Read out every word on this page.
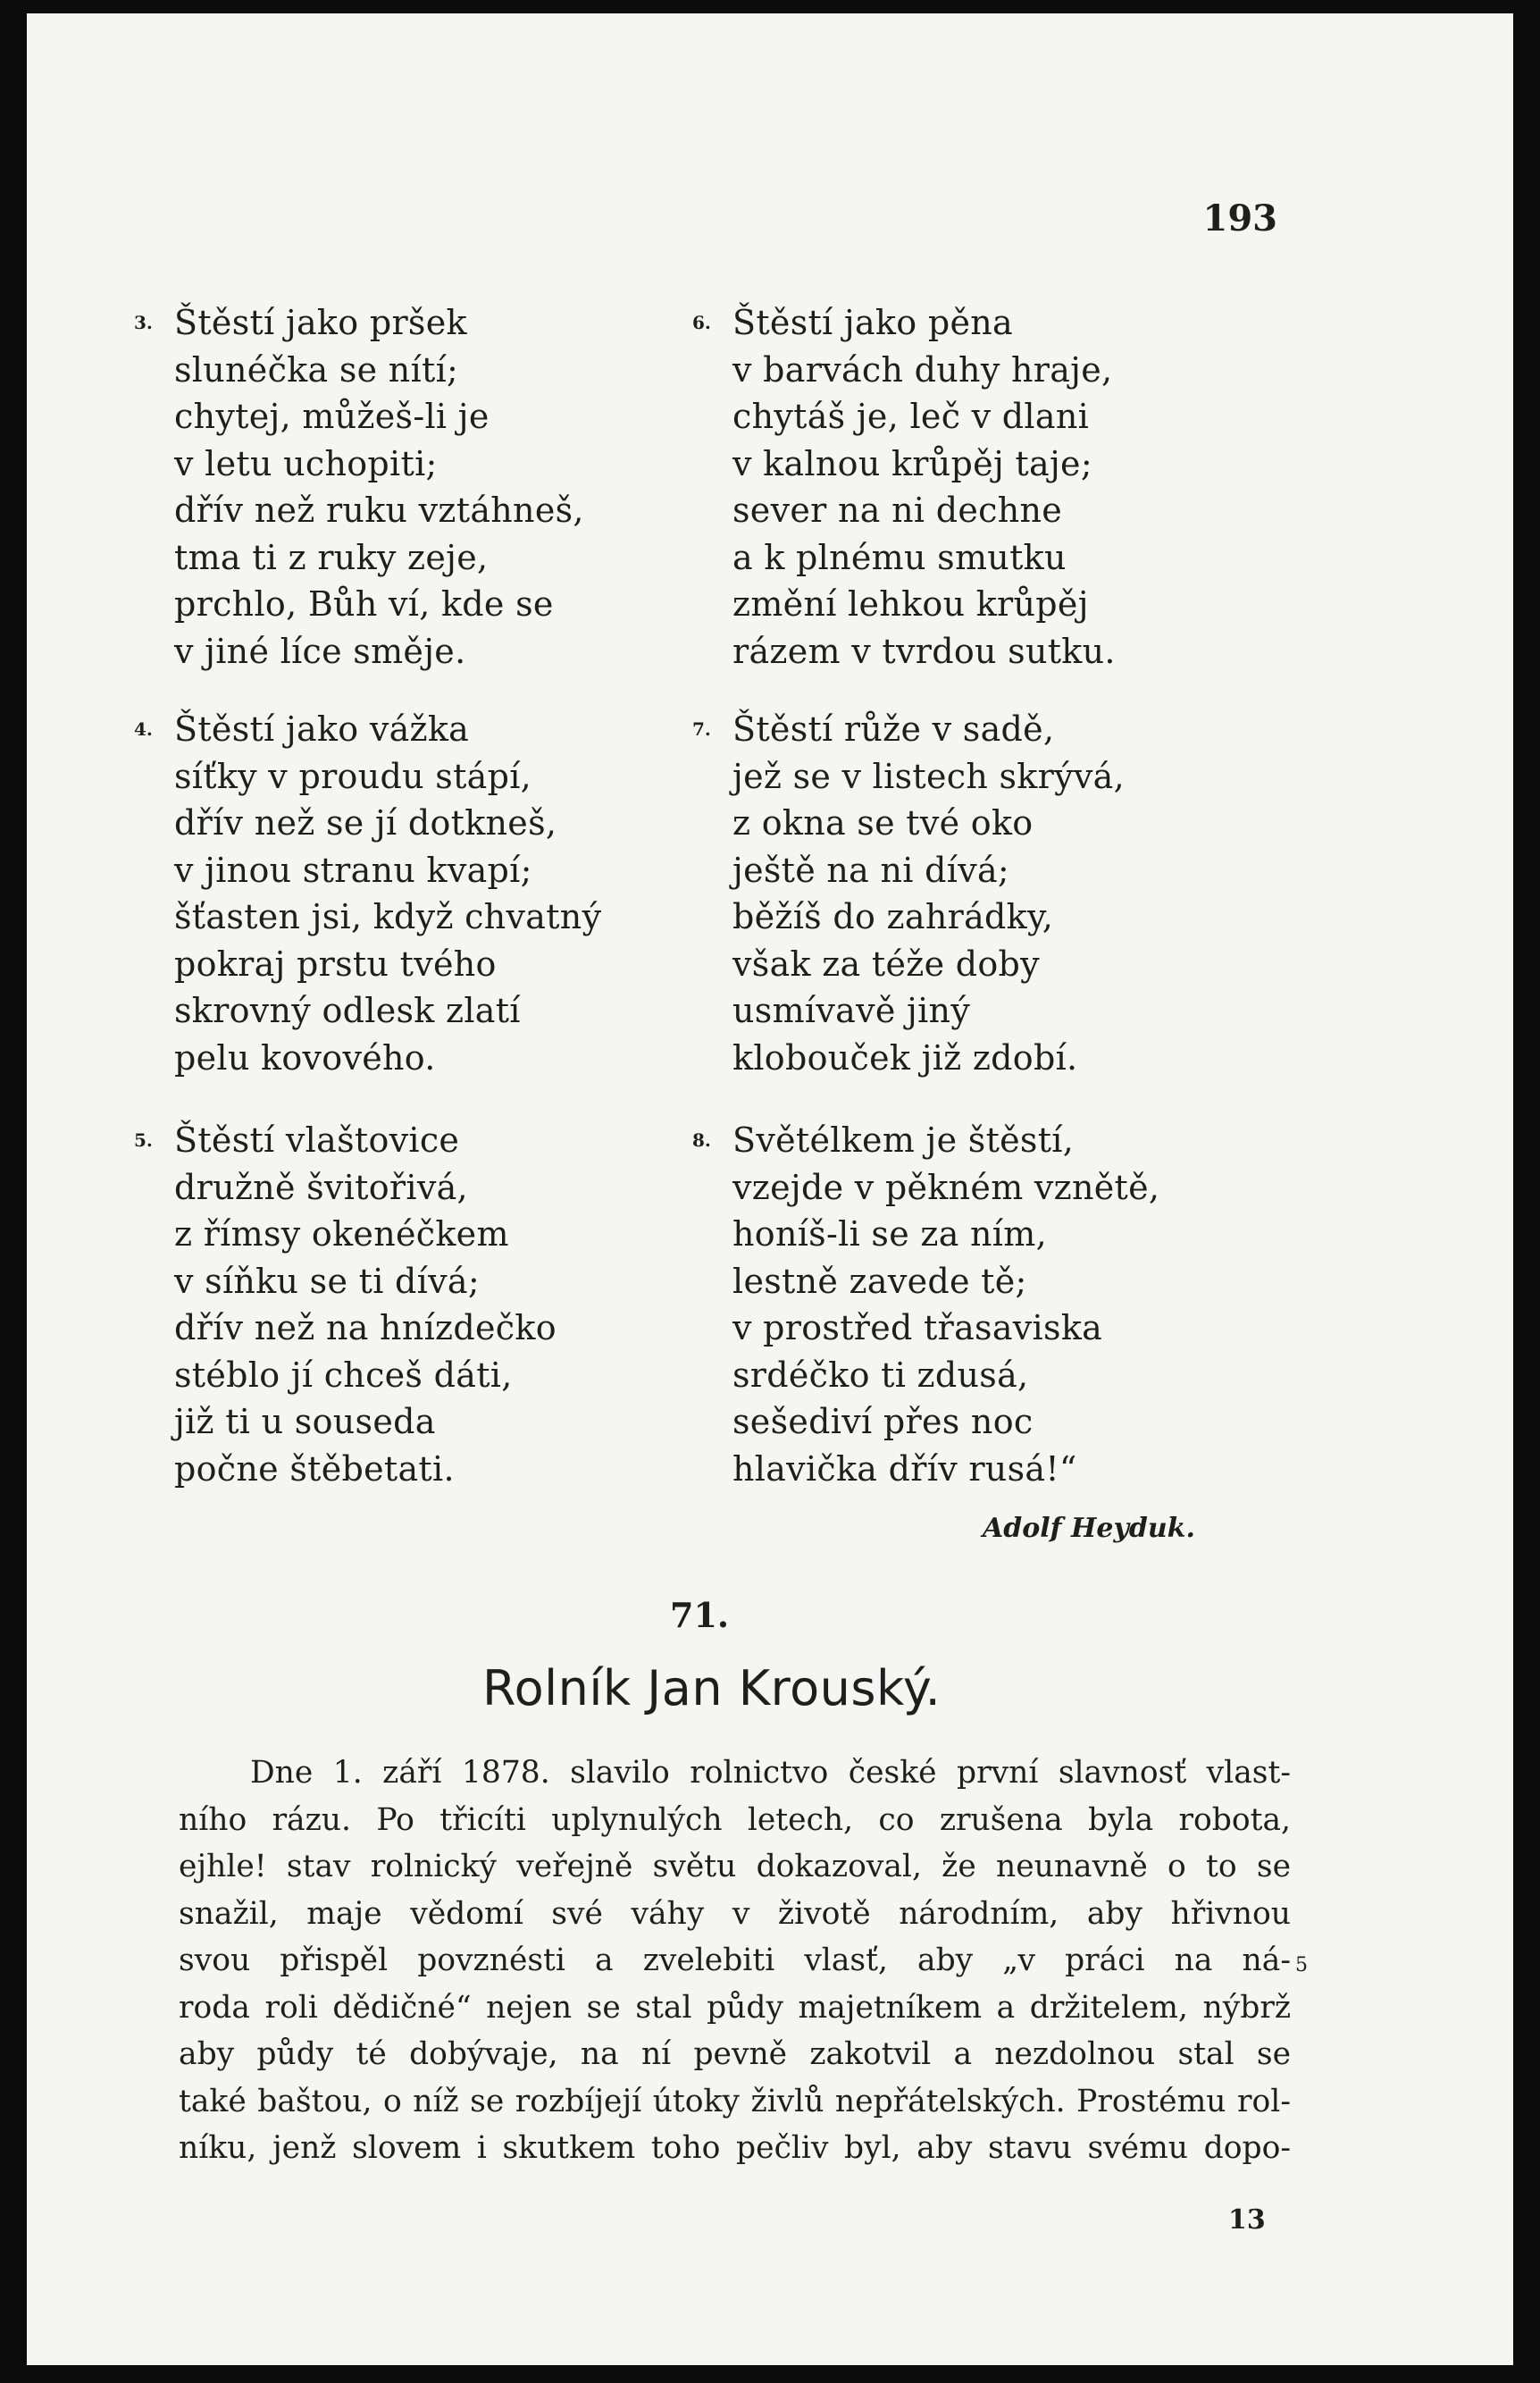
193
3. Štěstí jako pršek
slunéčka se nítí;
chytej, můžeš-li je
v letu uchopiti;
dřív než ruku vztáhneš,
tma ti z ruky zeje,
prchlo, Bůh ví, kde se
v jiné líce směje.
4. Štěstí jako vážka
síťky v proudu stápí,
dřív než se jí dotkneš,
v jinou stranu kvapí;
šťasten jsi, když chvatný
pokraj prstu tvého
skrovný odlesk zlatí
pelu kovového.
5. Štěstí vlaštovice
družně švitořivá,
z římsy okenéčkem
v síňku se ti dívá;
dřív než na hnízdečko
stéblo jí chceš dáti,
již ti u souseda
počne štěbetati.
6. Štěstí jako pěna
v barvách duhy hraje,
chytáš je, leč v dlani
v kalnou krůpěj taje;
sever na ni dechne
a k plnému smutku
změní lehkou krůpěj
rázem v tvrdou sutku.
7. Štěstí růže v sadě,
jež se v listech skrývá,
z okna se tvé oko
ještě na ni dívá;
běžíš do zahrádky,
však za téže doby
usmívavě jiný
klobouček již zdobí.
8. Světélkem je štěstí,
vzejde v pěkném vznětě,
honíš-li se za ním,
lestně zavede tě;
v prostřed třasaviska
srdéčko ti zdusá,
sešediví přes noc
hlavička dřív rusá!“
Adolf Heyduk.
71.
Rolník Jan Krouský.
Dne 1. září 1878. slavilo rolnictvo české první slavnosť vlast-
ního rázu. Po třicíti uplynulých letech, co zrušena byla robota,
ejhle! stav rolnický veřejně světu dokazoval, že neunavně o to se
snažil, maje vědomí své váhy v životě národním, aby hřivnou
svou přispěl povznésti a zvelebiti vlasť, aby „v práci na ná-
roda roli dědičné“ nejen se stal půdy majetníkem a držitelem, nýbrž
aby půdy té dobývaje, na ní pevně zakotvil a nezdolnou stal se
také baštou, o níž se rozbíjejí útoky živlů nepřátelských. Prostému rol-
níku, jenž slovem i skutkem toho pečliv byl, aby stavu svému dopo-
5
13
